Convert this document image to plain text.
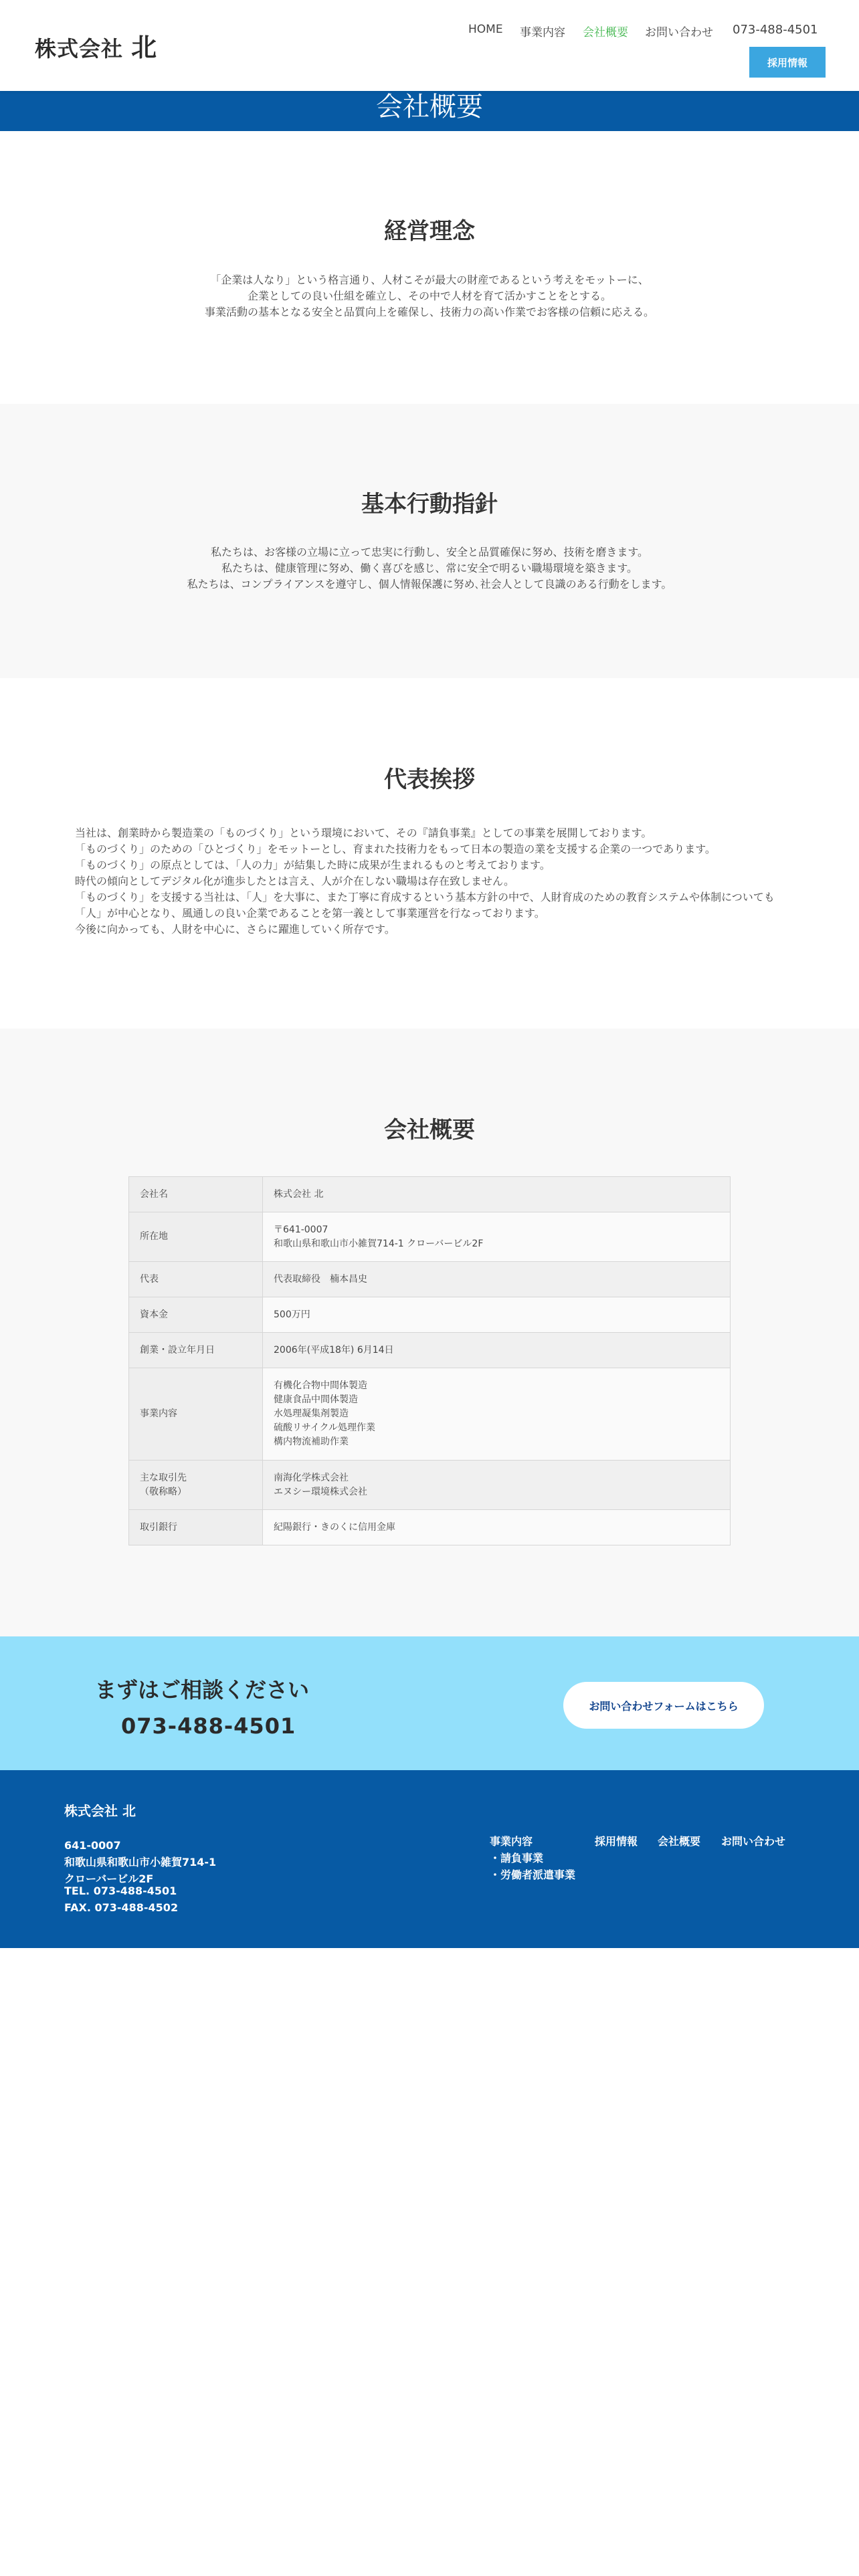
株式会社 北
HOME 事業内容 会社概要 お問い合わせ 073-488-4501
採用情報
会社概要
経営理念

「企業は人なり」という格言通り、人材こそが最大の財産であるという考えをモットーに、

企業としての良い仕組を確立し、その中で人材を育て活かすことをとする。

事業活動の基本となる安全と品質向上を確保し、技術力の高い作業でお客様の信頼に応える。

基本行動指針

私たちは、お客様の立場に立って忠実に行動し、安全と品質確保に努め、技術を磨きます。

私たちは、健康管理に努め、働く喜びを感じ、常に安全で明るい職場環境を築きます。

私たちは、コンプライアンスを遵守し、個人情報保護に努め､社会人として良識のある行動をします。

代表挨拶

当社は、創業時から製造業の「ものづくり」という環境において、その『請負事業』としての事業を展開しております。

「ものづくり」のための「ひとづくり」をモットーとし、育まれた技術力をもって日本の製造の業を支援する企業の一つであります。

「ものづくり」の原点としては、「人の力」が結集した時に成果が生まれるものと考えております。

時代の傾向としてデジタル化が進歩したとは言え、人が介在しない職場は存在致しません。

「ものづくり」を支援する当社は、「人」を大事に、また丁寧に育成するという基本方針の中で、人財育成のための教育システムや体制についても

「人」が中心となり、風通しの良い企業であることを第一義として事業運営を行なっております。

今後に向かっても、人財を中心に、さらに躍進していく所存です。

会社概要
会社名	株式会社 北

所在地	〒641-0007
和歌山県和歌山市小雑賀714-1 クローバービル2F

代表	代表取締役　楠本昌史

資本金	500万円

創業・設立年月日	2006年(平成18年) 6月14日

事業内容	有機化合物中間体製造
健康食品中間体製造
水処理凝集剤製造
硫酸リサイクル処理作業
構内物流補助作業

主な取引先
（敬称略）	南海化学株式会社
エヌシー環境株式会社

取引銀行	紀陽銀行・きのくに信用金庫
まずはご相談ください
073-488-4501
お問い合わせフォームはこちら
株式会社 北

641-0007

和歌山県和歌山市小雑賀714-1

クローバービル2F

TEL. 073-488-4501

FAX. 073-488-4502

事業内容
・請負事業
・労働者派遣事業
採用情報 会社概要 お問い合わせ
